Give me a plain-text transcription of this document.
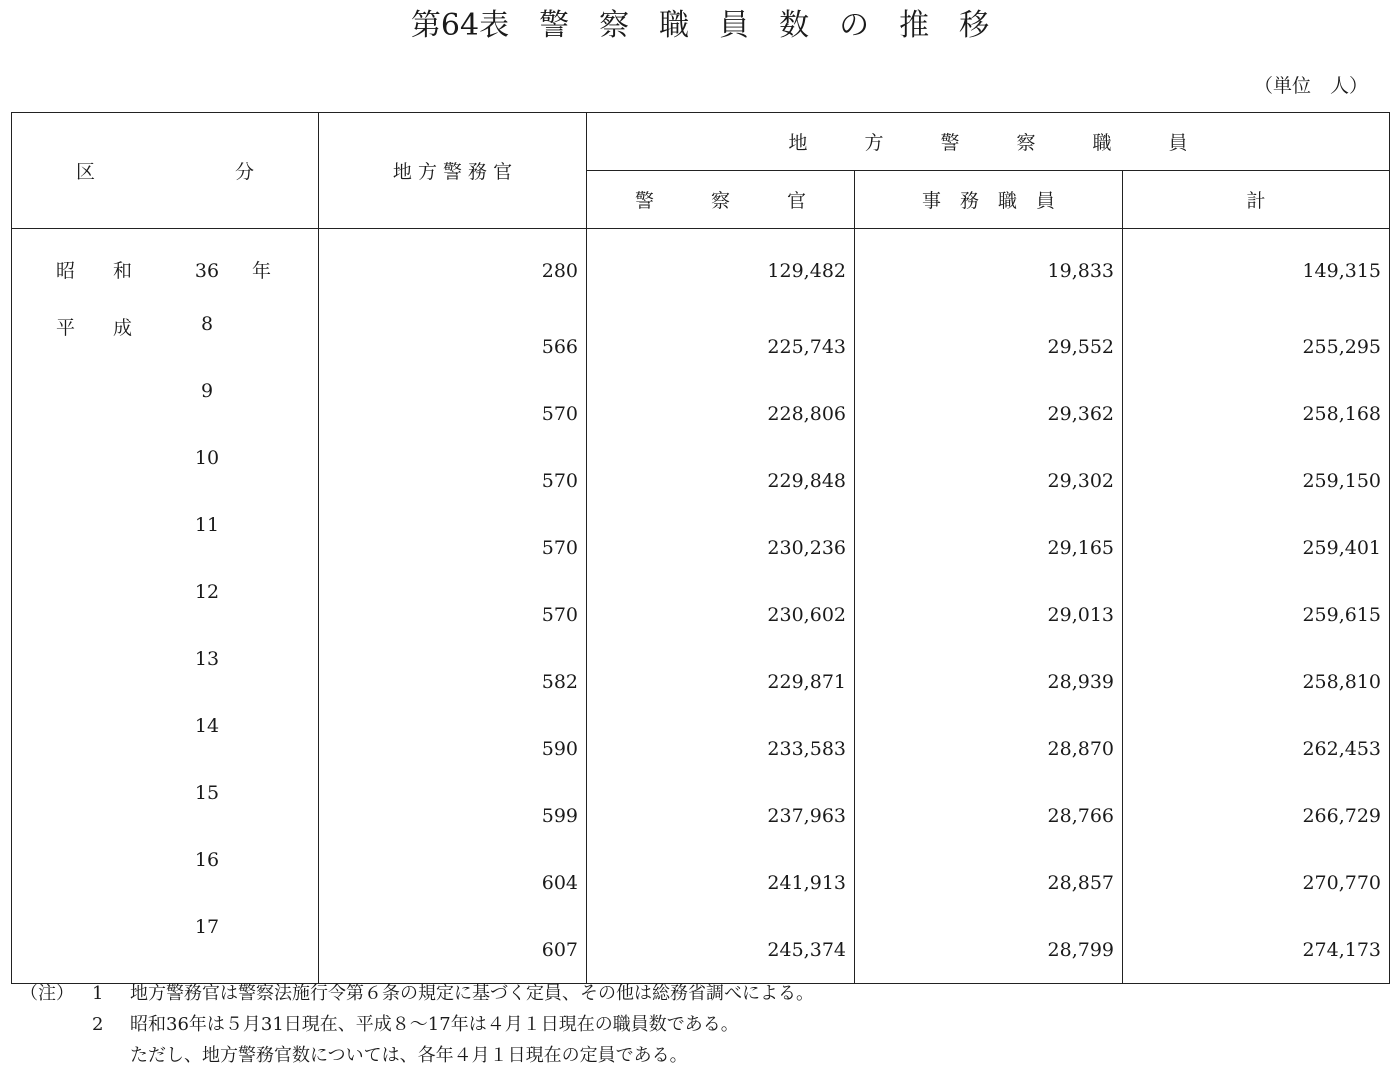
第64表　警　察　職　員　数　の　推　移
（単位　人）

区 分	地 方 警 務 官	地　　　方　　　警　　　察　　　職　　　員		
		警　　　察　　　官	事　務　職　員	計

昭　　和 36 年	280	129,482	19,833	149,315

平　　成 8	566	225,743	29,552	255,295

9	570	228,806	29,362	258,168

10	570	229,848	29,302	259,150

11	570	230,236	29,165	259,401

12	570	230,602	29,013	259,615

13	582	229,871	28,939	258,810

14	590	233,583	28,870	262,453

15	599	237,963	28,766	266,729

16	604	241,913	28,857	270,770

17	607	245,374	28,799	274,173
（注）	1	地方警務官は警察法施行令第６条の規定に基づく定員、その他は総務省調べによる。
2	昭和36年は５月31日現在、平成８～17年は４月１日現在の職員数である。
ただし、地方警務官数については、各年４月１日現在の定員である。
